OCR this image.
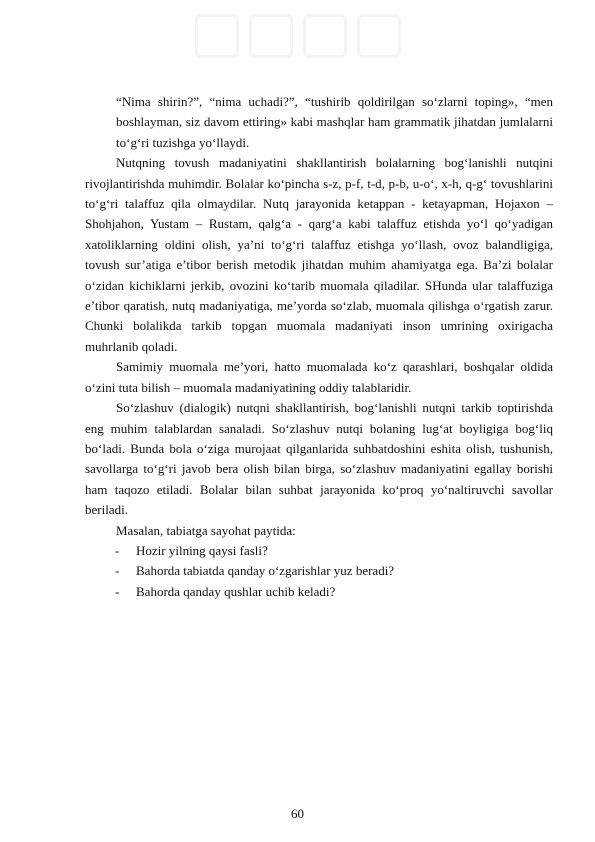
“Nima shirin?”, “nima uchadi?”, “tushirib qoldirilgan so‘zlarni toping», “men boshlayman, siz davom ettiring» kabi mashqlar ham grammatik jihatdan jumlalarni to‘g‘ri tuzishga yo‘llaydi.

Nutqning tovush madaniyatini shakllantirish bolalarning bog‘lanishli nutqini rivojlantirishda muhimdir. Bolalar ko‘pincha s-z, p-f, t-d, p-b, u-o‘, x-h, q-g‘ tovushlarini to‘g‘ri talaffuz qila olmaydilar. Nutq jarayonida ketappan - ketayapman, Hojaxon – Shohjahon, Yustam – Rustam, qalg‘a - qarg‘a kabi talaffuz etishda yo‘l qo‘yadigan xatoliklarning oldini olish, ya’ni to‘g‘ri talaffuz etishga yo‘llash, ovoz balandligiga, tovush sur’atiga e’tibor berish metodik jihatdan muhim ahamiyatga ega. Ba’zi bolalar o‘zidan kichiklarni jerkib, ovozini ko‘tarib muomala qiladilar. SHunda ular talaffuziga e’tibor qaratish, nutq madaniyatiga, me’yorda so‘zlab, muomala qilishga o‘rgatish zarur. Chunki bolalikda tarkib topgan muomala madaniyati inson umrining oxirigacha muhrlanib qoladi.

Samimiy muomala me’yori, hatto muomalada ko‘z qarashlari, boshqalar oldida o‘zini tuta bilish – muomala madaniyatining oddiy talablaridir.

So‘zlashuv (dialogik) nutqni shakllantirish, bog‘lanishli nutqni tarkib toptirishda eng muhim talablardan sanaladi. So‘zlashuv nutqi bolaning lug‘at boyligiga bog‘liq bo‘ladi. Bunda bola o‘ziga murojaat qilganlarida suhbatdoshini eshita olish, tushunish, savollarga to‘g‘ri javob bera olish bilan birga, so‘zlashuv madaniyatini egallay borishi ham taqozo etiladi. Bolalar bilan suhbat jarayonida ko‘proq yo‘naltiruvchi savollar beriladi.

Masalan, tabiatga sayohat paytida:

- Hozir yilning qaysi fasli?
- Bahorda tabiatda qanday o‘zgarishlar yuz beradi?
- Bahorda qanday qushlar uchib keladi?
60
